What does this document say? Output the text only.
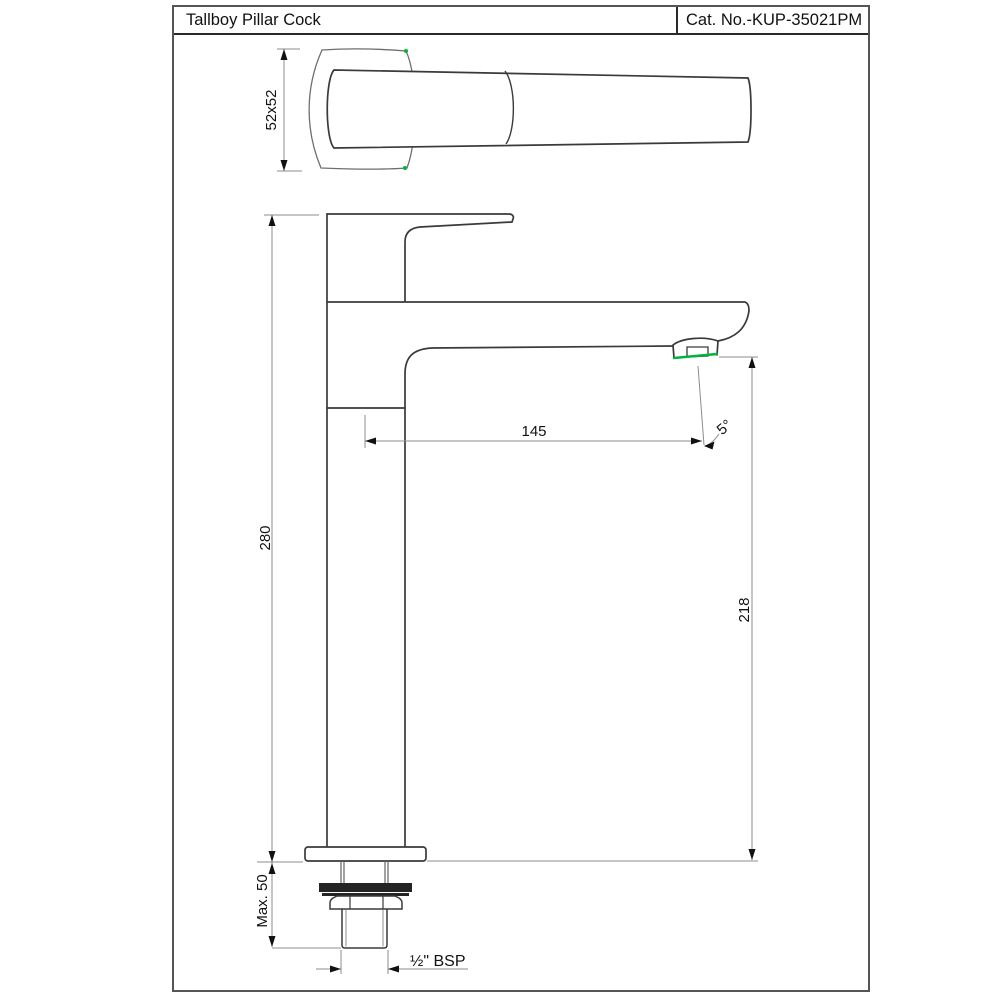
Tallboy Pillar Cock	Cat. No.-KUP-35021PM
52x52
280
Max. 50
145	5°
218
½" BSP
